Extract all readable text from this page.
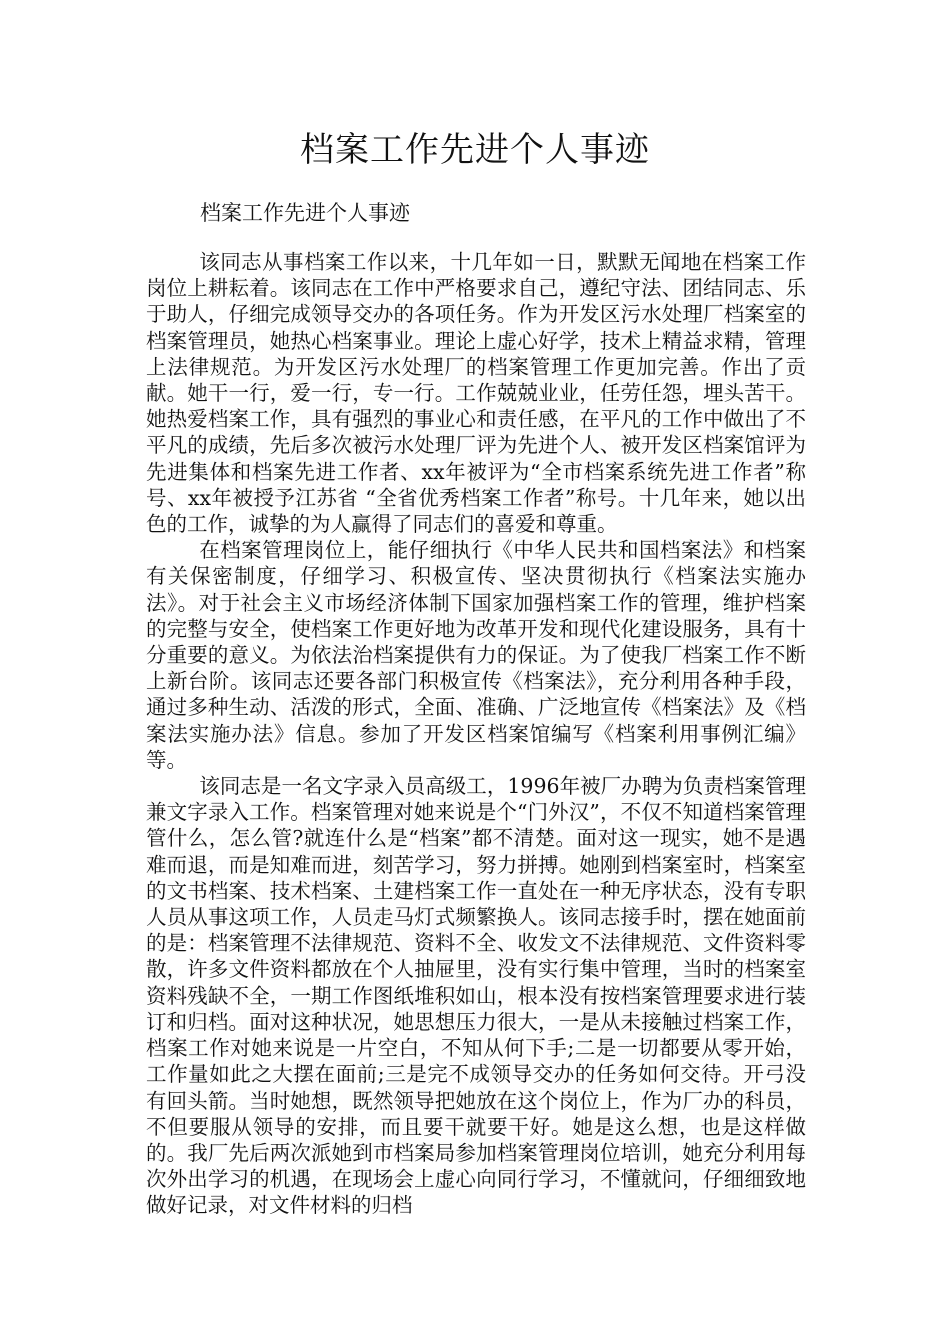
档案工作先进个人事迹

档案工作先进个人事迹

该同志从事档案工作以来，十几年如一日，默默无闻地在档案工作岗位上耕耘着。该同志在工作中严格要求自己，遵纪守法、团结同志、乐于助人，仔细完成领导交办的各项任务。作为开发区污水处理厂档案室的档案管理员，她热心档案事业。理论上虚心好学，技术上精益求精，管理上法律规范。为开发区污水处理厂的档案管理工作更加完善。作出了贡献。她干一行，爱一行，专一行。工作兢兢业业，任劳任怨，埋头苦干。她热爱档案工作，具有强烈的事业心和责任感，在平凡的工作中做出了不平凡的成绩，先后多次被污水处理厂评为先进个人、被开发区档案馆评为先进集体和档案先进工作者、xx年被评为“全市档案系统先进工作者”称号、xx年被授予江苏省 “全省优秀档案工作者”称号。十几年来，她以出色的工作，诚挚的为人赢得了同志们的喜爱和尊重。

在档案管理岗位上，能仔细执行《中华人民共和国档案法》和档案有关保密制度，仔细学习、积极宣传、坚决贯彻执行《档案法实施办法》。对于社会主义市场经济体制下国家加强档案工作的管理，维护档案的完整与安全，使档案工作更好地为改革开发和现代化建设服务，具有十分重要的意义。为依法治档案提供有力的保证。为了使我厂档案工作不断上新台阶。该同志还要各部门积极宣传《档案法》，充分利用各种手段，通过多种生动、活泼的形式，全面、准确、广泛地宣传《档案法》及《档案法实施办法》信息。参加了开发区档案馆编写《档案利用事例汇编》等。

该同志是一名文字录入员高级工，1996年被厂办聘为负责档案管理兼文字录入工作。档案管理对她来说是个“门外汉”，不仅不知道档案管理管什么，怎么管?就连什么是“档案”都不清楚。面对这一现实，她不是遇难而退，而是知难而进，刻苦学习，努力拼搏。她刚到档案室时，档案室的文书档案、技术档案、土建档案工作一直处在一种无序状态，没有专职人员从事这项工作，人员走马灯式频繁换人。该同志接手时，摆在她面前的是：档案管理不法律规范、资料不全、收发文不法律规范、文件资料零散，许多文件资料都放在个人抽屉里，没有实行集中管理，当时的档案室资料残缺不全，一期工作图纸堆积如山，根本没有按档案管理要求进行装订和归档。面对这种状况，她思想压力很大，一是从未接触过档案工作，档案工作对她来说是一片空白，不知从何下手;二是一切都要从零开始，工作量如此之大摆在面前;三是完不成领导交办的任务如何交待。开弓没有回头箭。当时她想，既然领导把她放在这个岗位上，作为厂办的科员，不但要服从领导的安排，而且要干就要干好。她是这么想，也是这样做的。我厂先后两次派她到市档案局参加档案管理岗位培训，她充分利用每次外出学习的机遇，在现场会上虚心向同行学习，不懂就问，仔细细致地做好记录，对文件材料的归档
